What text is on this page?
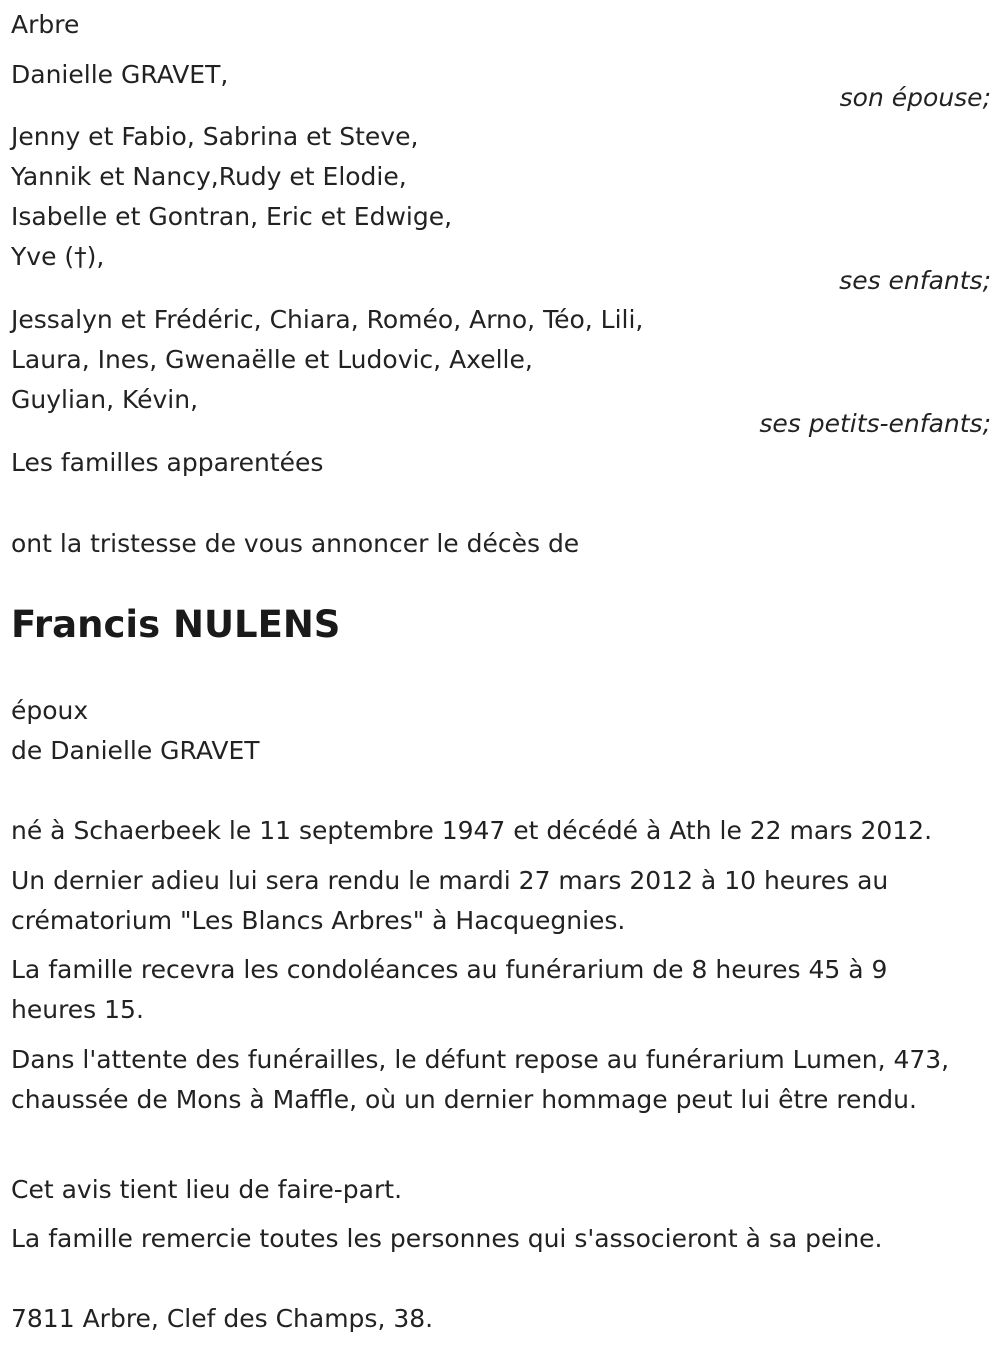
Arbre
Danielle GRAVET,
son épouse;
Jenny et Fabio, Sabrina et Steve,
Yannik et Nancy,Rudy et Elodie,
Isabelle et Gontran, Eric et Edwige,
Yve (†),
ses enfants;
Jessalyn et Frédéric, Chiara, Roméo, Arno, Téo, Lili,
Laura, Ines, Gwenaëlle et Ludovic, Axelle,
Guylian, Kévin,
ses petits-enfants;
Les familles apparentées
ont la tristesse de vous annoncer le décès de
Francis NULENS
époux
de Danielle GRAVET
né à Schaerbeek le 11 septembre 1947 et décédé à Ath le 22 mars 2012.
Un dernier adieu lui sera rendu le mardi 27 mars 2012 à 10 heures au crématorium "Les Blancs Arbres" à Hacquegnies.
La famille recevra les condoléances au funérarium de 8 heures 45 à 9 heures 15.
Dans l'attente des funérailles, le défunt repose au funérarium Lumen, 473, chaussée de Mons à Maffle, où un dernier hommage peut lui être rendu.
Cet avis tient lieu de faire-part.
La famille remercie toutes les personnes qui s'associeront à sa peine.
7811 Arbre, Clef des Champs, 38.
